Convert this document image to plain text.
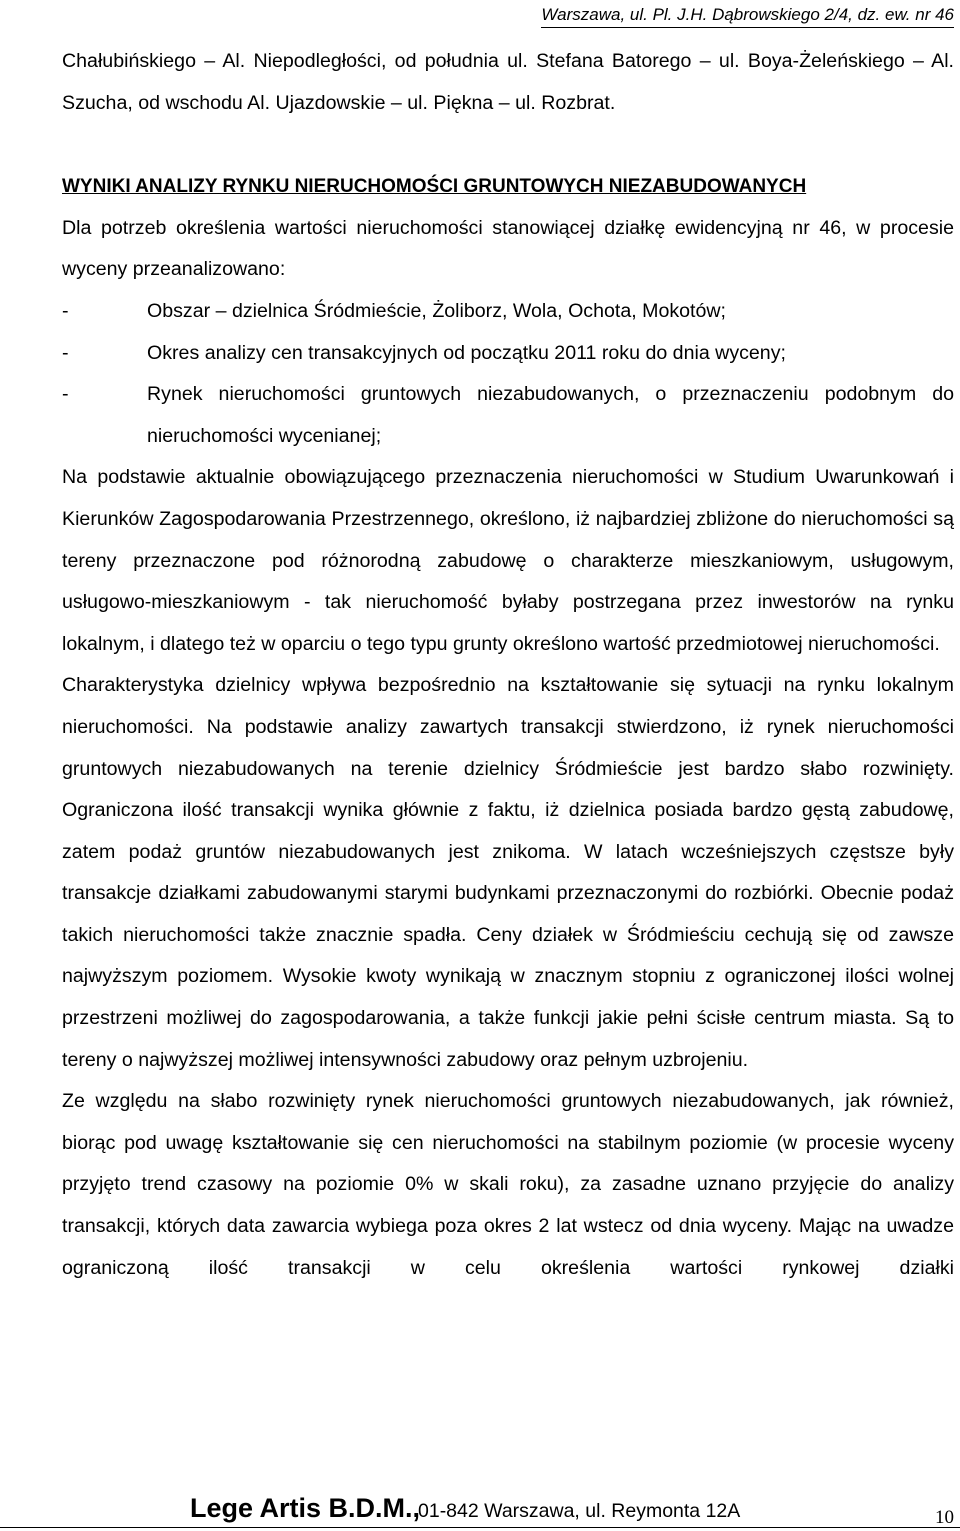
Warszawa, ul. Pl. J.H. Dąbrowskiego 2/4, dz. ew. nr 46

Chałubińskiego – Al. Niepodległości, od południa ul. Stefana Batorego – ul. Boya-Żeleńskiego – Al. Szucha, od wschodu Al. Ujazdowskie – ul. Piękna – ul. Rozbrat.

WYNIKI ANALIZY RYNKU NIERUCHOMOŚCI GRUNTOWYCH NIEZABUDOWANYCH

Dla potrzeb określenia wartości nieruchomości stanowiącej działkę ewidencyjną nr 46, w procesie wyceny przeanalizowano:

-	Obszar – dzielnica Śródmieście, Żoliborz, Wola, Ochota, Mokotów;
-	Okres analizy cen transakcyjnych od początku 2011 roku do dnia wyceny;
-	Rynek nieruchomości gruntowych niezabudowanych, o przeznaczeniu podobnym do nieruchomości wycenianej;

Na podstawie aktualnie obowiązującego przeznaczenia nieruchomości w Studium Uwarunkowań i Kierunków Zagospodarowania Przestrzennego, określono, iż najbardziej zbliżone do nieruchomości są tereny przeznaczone pod różnorodną zabudowę o charakterze mieszkaniowym, usługowym, usługowo-mieszkaniowym - tak nieruchomość byłaby postrzegana przez inwestorów na rynku lokalnym, i dlatego też w oparciu o tego typu grunty określono wartość przedmiotowej nieruchomości.

Charakterystyka dzielnicy wpływa bezpośrednio na kształtowanie się sytuacji na rynku lokalnym nieruchomości. Na podstawie analizy zawartych transakcji stwierdzono, iż rynek nieruchomości gruntowych niezabudowanych na terenie dzielnicy Śródmieście jest bardzo słabo rozwinięty. Ograniczona ilość transakcji wynika głównie z faktu, iż dzielnica posiada bardzo gęstą zabudowę, zatem podaż gruntów niezabudowanych jest znikoma. W latach wcześniejszych częstsze były transakcje działkami zabudowanymi starymi budynkami przeznaczonymi do rozbiórki. Obecnie podaż takich nieruchomości także znacznie spadła. Ceny działek w Śródmieściu cechują się od zawsze najwyższym poziomem. Wysokie kwoty wynikają w znacznym stopniu z ograniczonej ilości wolnej przestrzeni możliwej do zagospodarowania, a także funkcji jakie pełni ścisłe centrum miasta. Są to tereny o najwyższej możliwej intensywności zabudowy oraz pełnym uzbrojeniu.

Ze względu na słabo rozwinięty rynek nieruchomości gruntowych niezabudowanych, jak również, biorąc pod uwagę kształtowanie się cen nieruchomości na stabilnym poziomie (w procesie wyceny przyjęto trend czasowy na poziomie 0% w skali roku), za zasadne uznano przyjęcie do analizy transakcji, których data zawarcia wybiega poza okres 2 lat wstecz od dnia wyceny. Mając na uwadze ograniczoną ilość transakcji w celu określenia wartości rynkowej działki

Lege Artis B.D.M.,
01-842 Warszawa, ul. Reymonta 12A	10
